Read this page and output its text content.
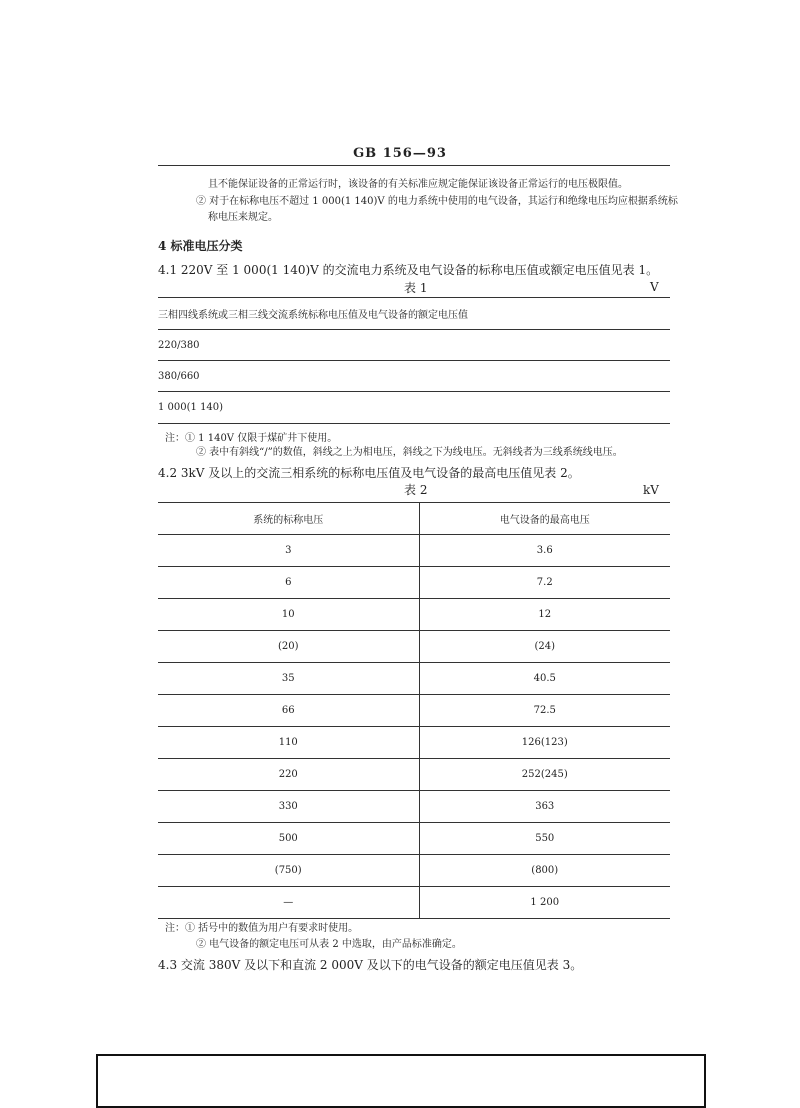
GB 156—93
且不能保证设备的正常运行时，该设备的有关标准应规定能保证该设备正常运行的电压极限值。
② 对于在标称电压不超过 1 000(1 140)V 的电力系统中使用的电气设备，其运行和绝缘电压均应根据系统标
称电压来规定。
4 标准电压分类
4.1 220V 至 1 000(1 140)V 的交流电力系统及电气设备的标称电压值或额定电压值见表 1。
表 1	V
三相四线系统或三相三线交流系统标称电压值及电气设备的额定电压值
220/380
380/660
1 000(1 140)
注：① 1 140V 仅限于煤矿井下使用。
② 表中有斜线“/”的数值，斜线之上为相电压，斜线之下为线电压。无斜线者为三线系统线电压。
4.2 3kV 及以上的交流三相系统的标称电压值及电气设备的最高电压值见表 2。
表 2	kV
系统的标称电压	电气设备的最高电压
3	3.6
6	7.2
10	12
(20)	(24)
35	40.5
66	72.5
110	126(123)
220	252(245)
330	363
500	550
(750)	(800)
—	1 200
注：① 括号中的数值为用户有要求时使用。
② 电气设备的额定电压可从表 2 中选取，由产品标准确定。
4.3 交流 380V 及以下和直流 2 000V 及以下的电气设备的额定电压值见表 3。
